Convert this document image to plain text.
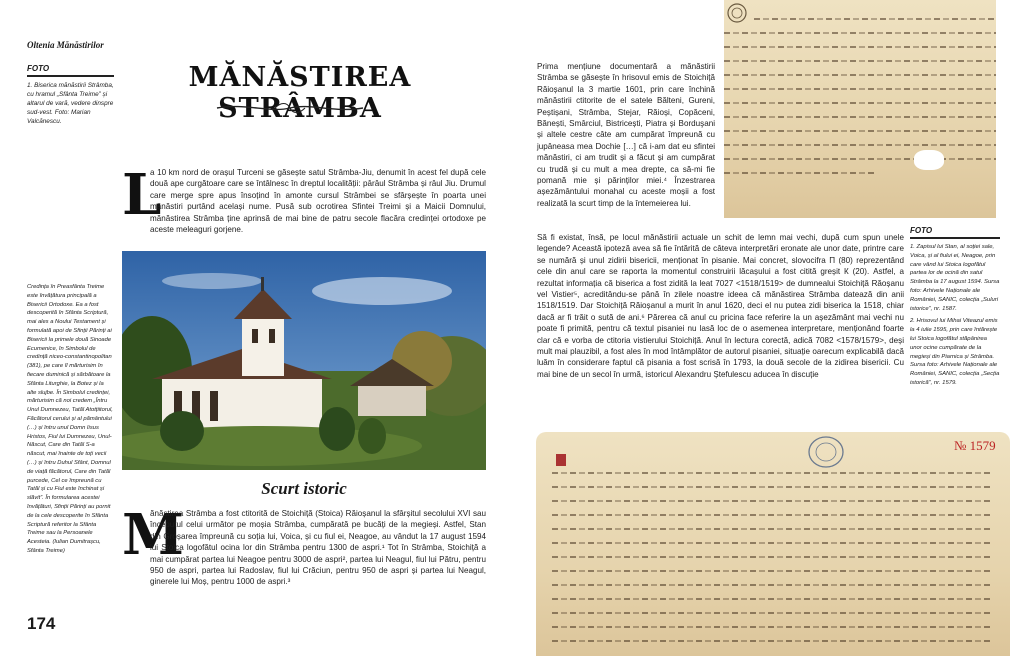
Oltenia Mănăstirilor
FOTO
1. Biserica mănăstirii Strâmba, cu hramul „Sfânta Treime” și altarul de vară, vedere dinspre sud-vest. Foto: Marian Valcănescu.
MĂNĂSTIREA STRÂMBA
L
a 10 km nord de orașul Turceni se găsește satul Strâmba-Jiu, denumit în acest fel după cele două ape curgătoare care se întâlnesc în dreptul localității: pârâul Strâmba și râul Jiu. Drumul care merge spre apus însoțind în amonte cursul Strâmbei se sfârșește în poarta unei mănăstiri purtând același nume. Pusă sub ocrotirea Sfintei Treimi și a Maicii Domnului, mănăstirea Strâmba ține aprinsă de mai bine de patru secole flacăra credinței ortodoxe pe aceste meleaguri gorjene.
Credința în Preasfânta Treime este învățătura principală a Bisericii Ortodoxe. Ea a fost descoperită în Sfânta Scriptură, mai ales a Noului Testament și formulată apoi de Sfinții Părinți ai Bisericii la primele două Sinoade Ecumenice, în Simbolul de credință niceo-constantinopolitan (381), pe care îl mărturisim în fiecare duminică și sărbătoare la Sfânta Liturghie, la Botez și la alte slujbe. În Simbolul credinței, mărturisim că noi credem „Întru Unul Dumnezeu, Tatăl Atotțiitorul, Făcătorul cerului și al pământului (…) și întru unul Domn Iisus Hristos, Fiul lui Dumnezeu, Unul-Născut, Care din Tatăl S-a născut, mai înainte de toți vecii (…) și întru Duhul Sfânt, Domnul de viață făcătorul, Care din Tatăl purcede, Cel ce împreună cu Tatăl și cu Fiul este închinat și slăvit”. În formularea acestei învățături, Sfinții Părinți au pornit de la cele descoperite în Sfânta Scriptură referitor la Sfânta Treime sau la Persoanele Acesteia. (Iulian Dumitrașcu, Sfânta Treime)
Scurt istoric
M
ănăstirea Strâmba a fost ctitorită de Stoichiță (Stoica) Răioșanul la sfârșitul secolului XVI sau începutul celui următor pe moșia Strâmba, cumpărată pe bucăți de la megieși. Astfel, Stan din Groșarea împreună cu soția lui, Voica, și cu fiul ei, Neagoe, au vândut la 17 august 1594 lui Stoica logofătul ocina lor din Strâmba pentru 1300 de aspri.¹ Tot în Strâmba, Stoichiță a mai cumpărat partea lui Neagoe pentru 3000 de aspri², partea lui Neagul, fiul lui Pătru, pentru 950 de aspri, partea lui Radoslav, fiul lui Crăciun, pentru 950 de aspri și partea lui Neagul, ginerele lui Moș, pentru 1000 de aspri.³
174
Prima mențiune documentară a mănăstirii Strâmba se găsește în hrisovul emis de Stoichiță Răioșanul la 3 martie 1601, prin care închină mănăstirii ctitorite de el satele Bălteni, Gureni, Peștișani, Strâmba, Stejar, Răioși, Copăceni, Bănești, Smârciul, Bistricești, Piatra și Borduşani și altele cestre câte am cumpărat împreună cu jupâneasa mea Dochie […] că i-am dat eu sfintei mănăstiri, ci am trudit și a făcut și am cumpărat cu trudă și cu mult a mea drepte, ca să-mi fie pomană mie și părinților miei.⁴ Înzestrarea așezământului monahal cu aceste moșii a fost realizată la scurt timp de la întemeierea lui.
FOTO
1. Zapisul lui Stan, al soției sale, Voica, și al fiului ei, Neagoe, prin care vând lui Stoica logofătul partea lor de ocină din satul Strâmba la 17 august 1594. Sursa foto: Arhivele Naționale ale României, SANIC, colecția „Suluri istorice”, nr. 1587.
2. Hrisovul lui Mihai Viteazul emis la 4 iulie 1595, prin care întărește lui Stoica logofătul stăpânirea unor ocine cumpărate de la megieși din Piarnica și Strâmba. Sursa foto: Arhivele Naționale ale României, SANIC, colecția „Secția istorică”, nr. 1579.
Să fi existat, însă, pe locul mănăstirii actuale un schit de lemn mai vechi, după cum spun unele legende? Această ipoteză avea să fie întărită de câteva interpretări eronate ale unor date, printre care se numără și unul zidirii bisericii, menționat în pisanie. Mai concret, slovocifra П (80) reprezentând cele din anul care se raporta la momentul construirii lăcașului a fost citită greșit К (20). Astfel, a rezultat informația că biserica a fost zidită la leat 7027 <1518/1519> de dumnealui Stoichiță Răoșanu vel Vistier⁵, acreditându-se până în zilele noastre ideea că mănăstirea Strâmba datează din anii 1518/1519. Dar Stoichiță Răioșanul a murit în anul 1620, deci el nu putea zidi biserica la 1518, chiar dacă ar fi trăit o sută de ani.⁶ Părerea că anul cu pricina face referire la un așezământ mai vechi nu poate fi primită, pentru că textul pisaniei nu lasă loc de o asemenea interpretare, menționând foarte clar că e vorba de ctitoria vistierului Stoichiță. Anul în lectura corectă, adică 7082 <1578/1579>, deși mult mai plauzibil, a fost ales în mod întâmplător de autorul pisaniei, situație oarecum explicabilă dacă luăm în considerare faptul că pisania a fost scrisă în 1793, la două secole de la zidirea bisericii. Cu mai bine de un secol în urmă, istoricul Alexandru Ștefulescu aducea în discuție
№ 1579
